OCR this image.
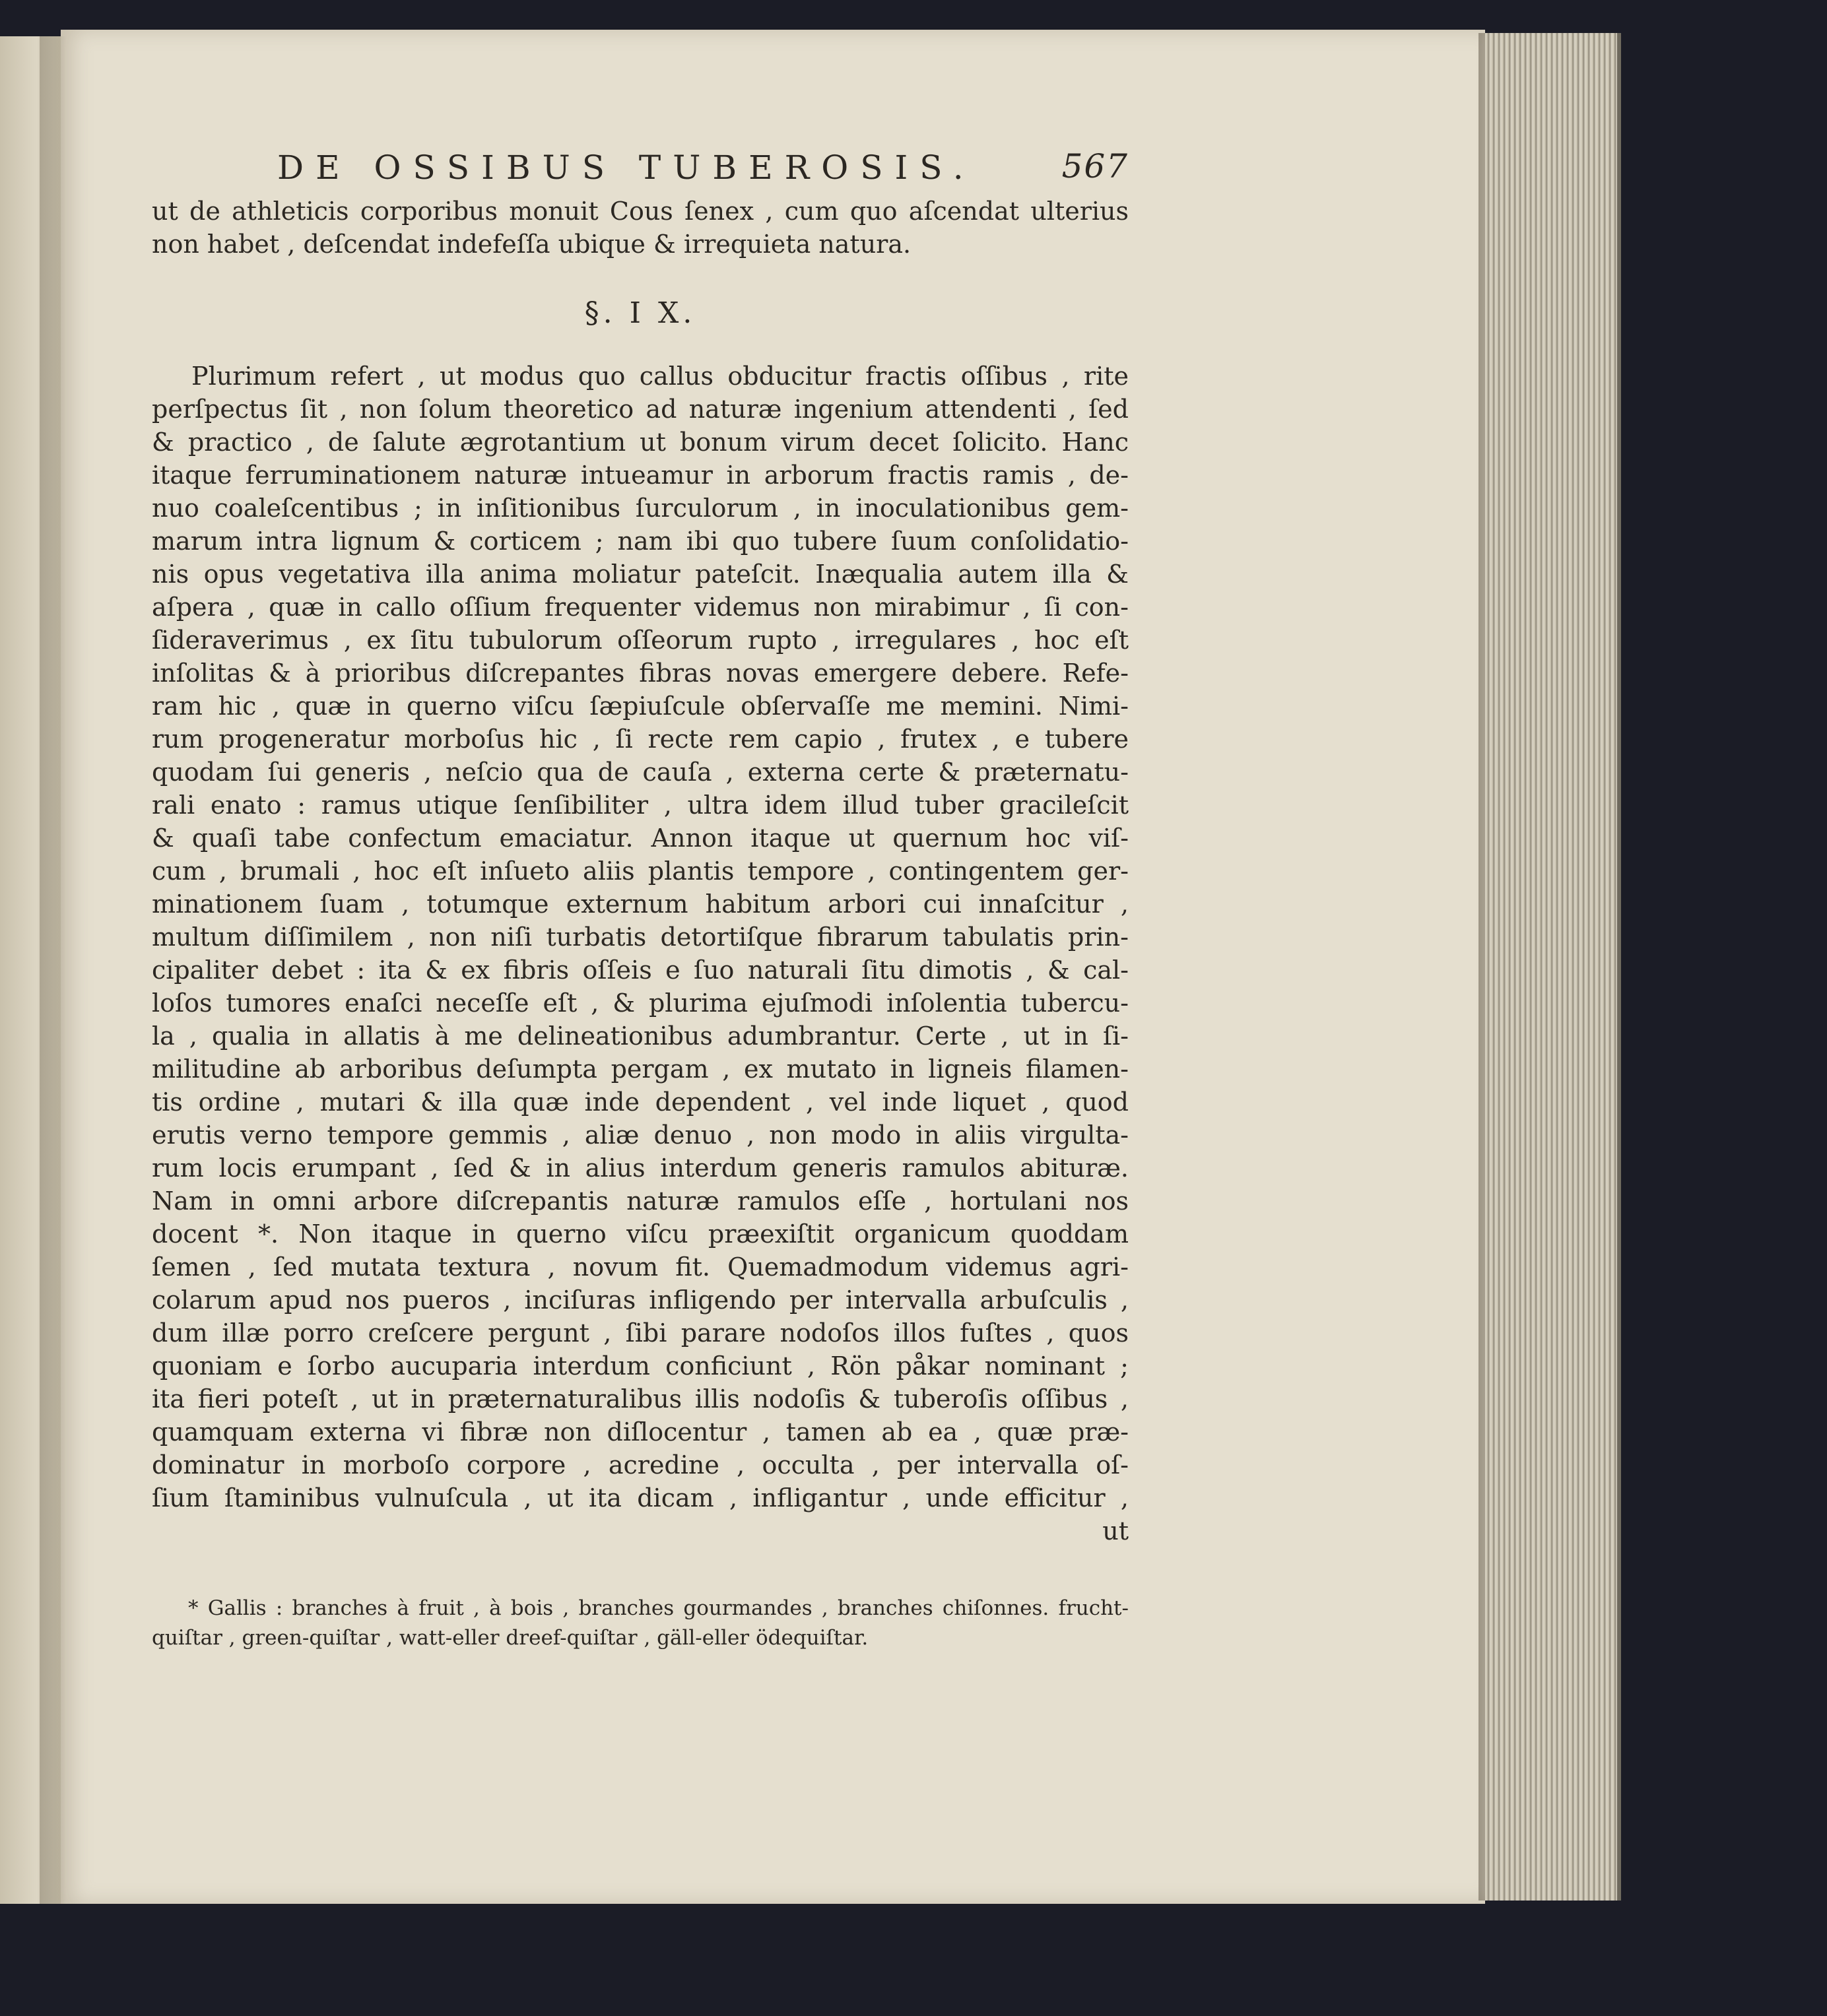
DE OSSIBUS TUBEROSIS.	567
ut de athleticis corporibus monuit Cous ſenex , cum quo aſcendat ulterius
non habet , deſcendat indefeſſa ubique & irrequieta natura.
§. I X.
Plurimum refert , ut modus quo callus obducitur fractis oſſibus , rite
perſpectus ſit , non ſolum theoretico ad naturæ ingenium attendenti , ſed
& practico , de ſalute ægrotantium ut bonum virum decet ſolicito. Hanc
itaque ferruminationem naturæ intueamur in arborum fractis ramis , de-
nuo coaleſcentibus ; in inſitionibus ſurculorum , in inoculationibus gem-
marum intra lignum & corticem ; nam ibi quo tubere ſuum conſolidatio-
nis opus vegetativa illa anima moliatur pateſcit. Inæqualia autem illa &
aſpera , quæ in callo oſſium frequenter videmus non mirabimur , ſi con-
ſideraverimus , ex ſitu tubulorum oſſeorum rupto , irregulares , hoc eſt
inſolitas & à prioribus diſcrepantes fibras novas emergere debere. Refe-
ram hic , quæ in querno viſcu ſæpiuſcule obſervaſſe me memini. Nimi-
rum progeneratur morboſus hic , ſi recte rem capio , frutex , e tubere
quodam ſui generis , neſcio qua de cauſa , externa certe & præternatu-
rali enato : ramus utique ſenſibiliter , ultra idem illud tuber gracileſcit
& quaſi tabe confectum emaciatur. Annon itaque ut quernum hoc viſ-
cum , brumali , hoc eſt inſueto aliis plantis tempore , contingentem ger-
minationem ſuam , totumque externum habitum arbori cui innaſcitur ,
multum diſſimilem , non niſi turbatis detortiſque fibrarum tabulatis prin-
cipaliter debet : ita & ex fibris oſſeis e ſuo naturali ſitu dimotis , & cal-
loſos tumores enaſci neceſſe eſt , & plurima ejuſmodi inſolentia tubercu-
la , qualia in allatis à me delineationibus adumbrantur. Certe , ut in ſi-
militudine ab arboribus deſumpta pergam , ex mutato in ligneis filamen-
tis ordine , mutari & illa quæ inde dependent , vel inde liquet , quod
erutis verno tempore gemmis , aliæ denuo , non modo in aliis virgulta-
rum locis erumpant , ſed & in alius interdum generis ramulos abituræ.
Nam in omni arbore diſcrepantis naturæ ramulos eſſe , hortulani nos
docent *. Non itaque in querno viſcu præexiſtit organicum quoddam
ſemen , ſed mutata textura , novum fit. Quemadmodum videmus agri-
colarum apud nos pueros , inciſuras infligendo per intervalla arbuſculis ,
dum illæ porro creſcere pergunt , ſibi parare nodoſos illos fuſtes , quos
quoniam e ſorbo aucuparia interdum conficiunt , Rön påkar nominant ;
ita fieri poteſt , ut in præternaturalibus illis nodoſis & tuberoſis oſſibus ,
quamquam externa vi fibræ non diſlocentur , tamen ab ea , quæ præ-
dominatur in morboſo corpore , acredine , occulta , per intervalla oſ-
ſium ſtaminibus vulnuſcula , ut ita dicam , infligantur , unde efficitur ,
ut
* Gallis : branches à fruit , à bois , branches gourmandes , branches chiſonnes. frucht-
quiſtar , green-quiſtar , watt-eller dreef-quiſtar , gäll-eller ödequiſtar.
